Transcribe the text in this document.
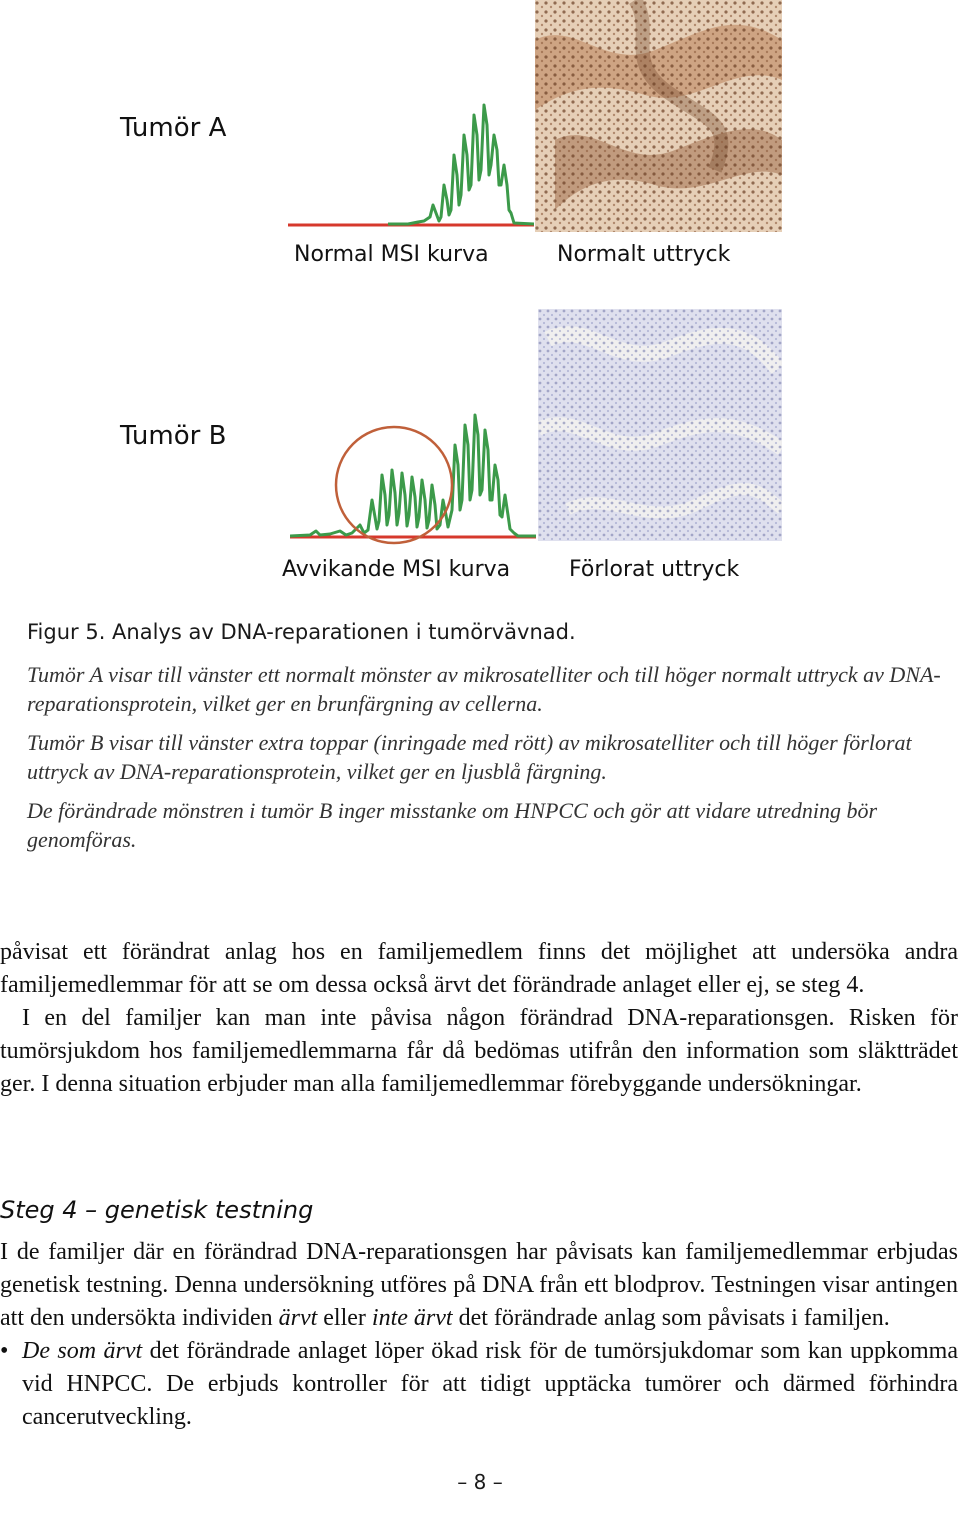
Tumör A
Normal MSI kurva	Normalt uttryck
Tumör B
Avvikande MSI kurva	Förlorat uttryck
Figur 5. Analys av DNA-reparationen i tumörvävnad.

Tumör A visar till vänster ett normalt mönster av mikrosatelliter och till höger normalt uttryck av DNA-reparationsprotein, vilket ger en brunfärgning av cellerna.

Tumör B visar till vänster extra toppar (inringade med rött) av mikrosatelliter och till höger förlorat uttryck av DNA-reparationsprotein, vilket ger en ljusblå färgning.

De förändrade mönstren i tumör B inger misstanke om HNPCC och gör att vidare utredning bör genomföras.

påvisat ett förändrat anlag hos en familjemedlem finns det möjlighet att undersöka andra familjemedlemmar för att se om dessa också ärvt det förändrade anlaget eller ej, se steg 4.

I en del familjer kan man inte påvisa någon förändrad DNA-reparationsgen. Risken för tumörsjukdom hos familjemedlemmarna får då bedömas utifrån den information som släktträdet ger. I denna situation erbjuder man alla familjemedlemmar förebyggande undersökningar.

Steg 4 – genetisk testning

I de familjer där en förändrad DNA-reparationsgen har påvisats kan familjemedlemmar erbjudas genetisk testning. Denna undersökning utföres på DNA från ett blodprov. Testningen visar antingen att den undersökta individen ärvt eller inte ärvt det förändrade anlag som påvisats i familjen.

• De som ärvt det förändrade anlaget löper ökad risk för de tumörsjukdomar som kan uppkomma vid HNPCC. De erbjuds kontroller för att tidigt upptäcka tumörer och därmed förhindra cancerutveckling.
– 8 –
